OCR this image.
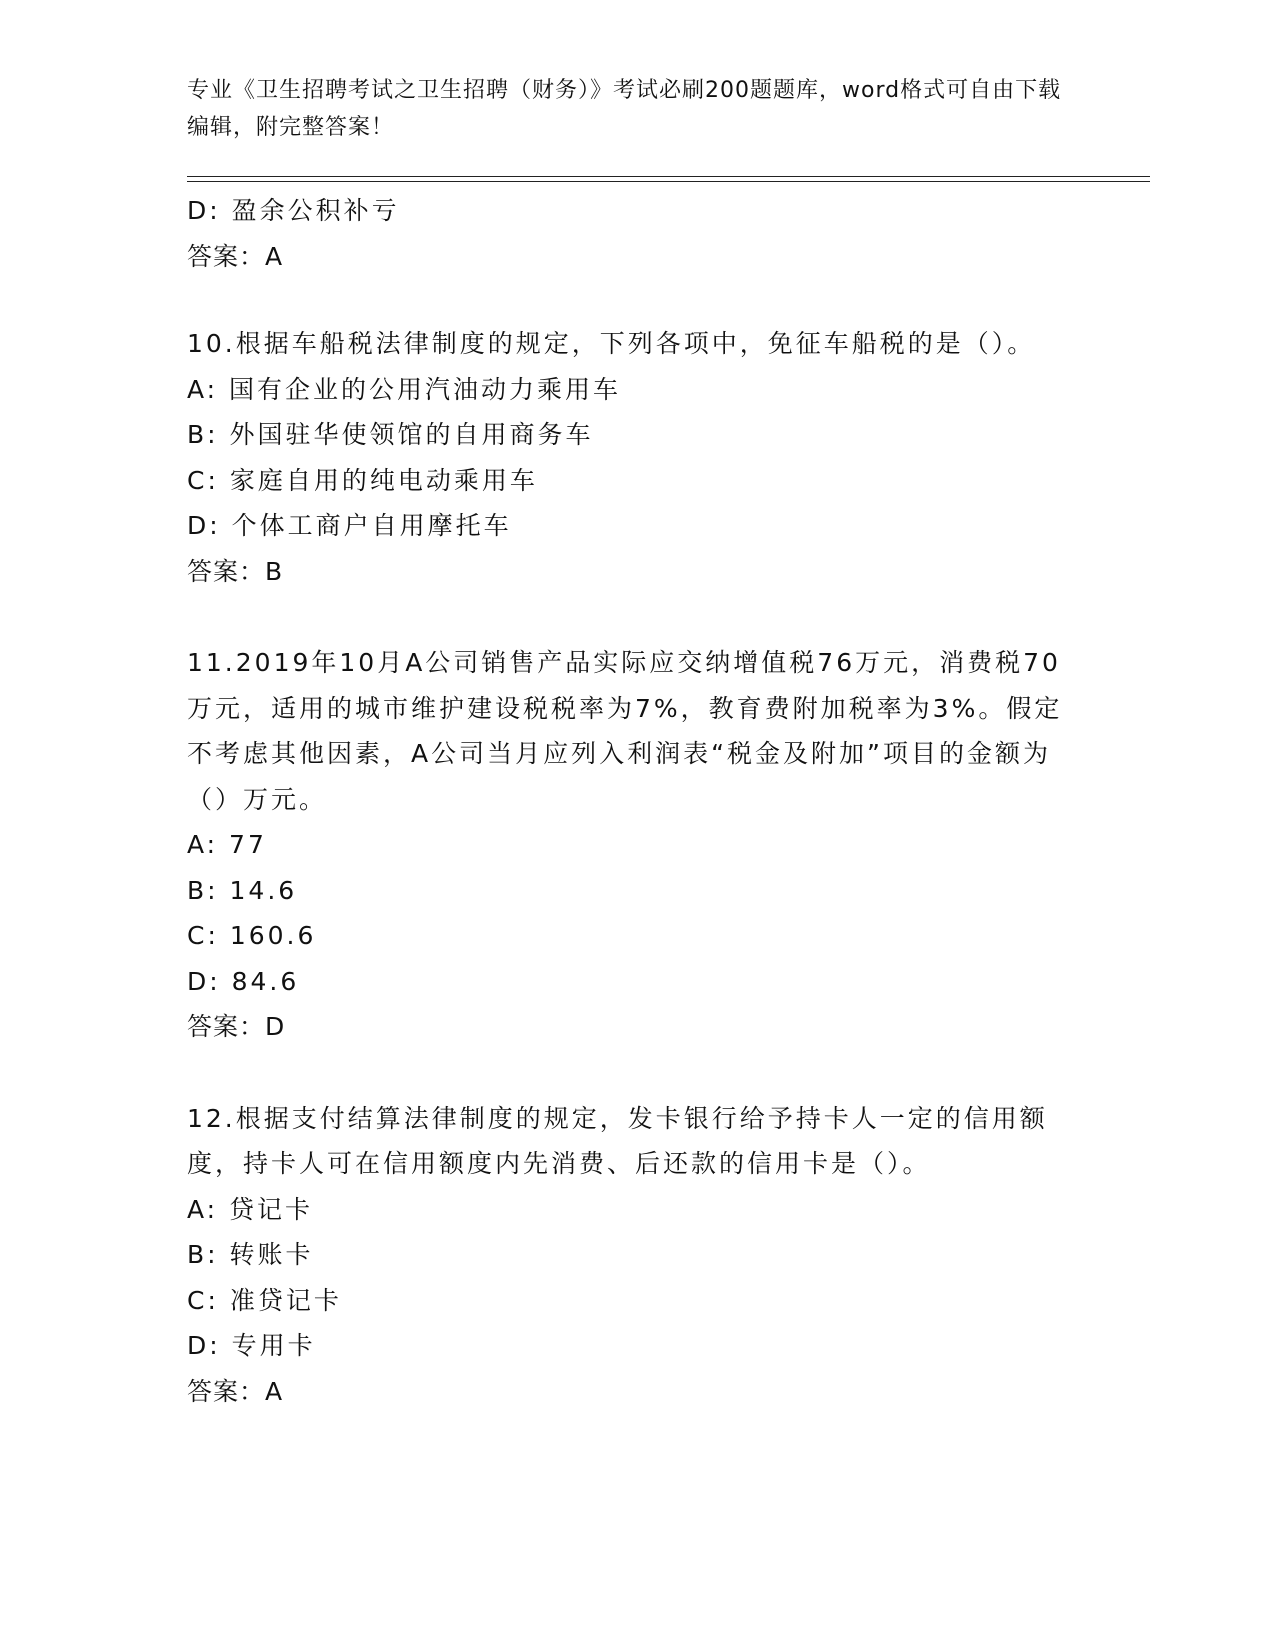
专业《卫生招聘考试之卫生招聘（财务）》考试必刷200题题库，word格式可自由下载编辑，附完整答案！
D: 盈余公积补亏
答案：A
10.根据车船税法律制度的规定，下列各项中，免征车船税的是（）。
A: 国有企业的公用汽油动力乘用车
B: 外国驻华使领馆的自用商务车
C: 家庭自用的纯电动乘用车
D: 个体工商户自用摩托车
答案：B
11.2019年10月A公司销售产品实际应交纳增值税76万元，消费税70万元，适用的城市维护建设税税率为7%，教育费附加税率为3%。假定不考虑其他因素，A公司当月应列入利润表“税金及附加”项目的金额为（）万元。
A: 77
B: 14.6
C: 160.6
D: 84.6
答案：D
12.根据支付结算法律制度的规定，发卡银行给予持卡人一定的信用额度，持卡人可在信用额度内先消费、后还款的信用卡是（）。
A: 贷记卡
B: 转账卡
C: 准贷记卡
D: 专用卡
答案：A
